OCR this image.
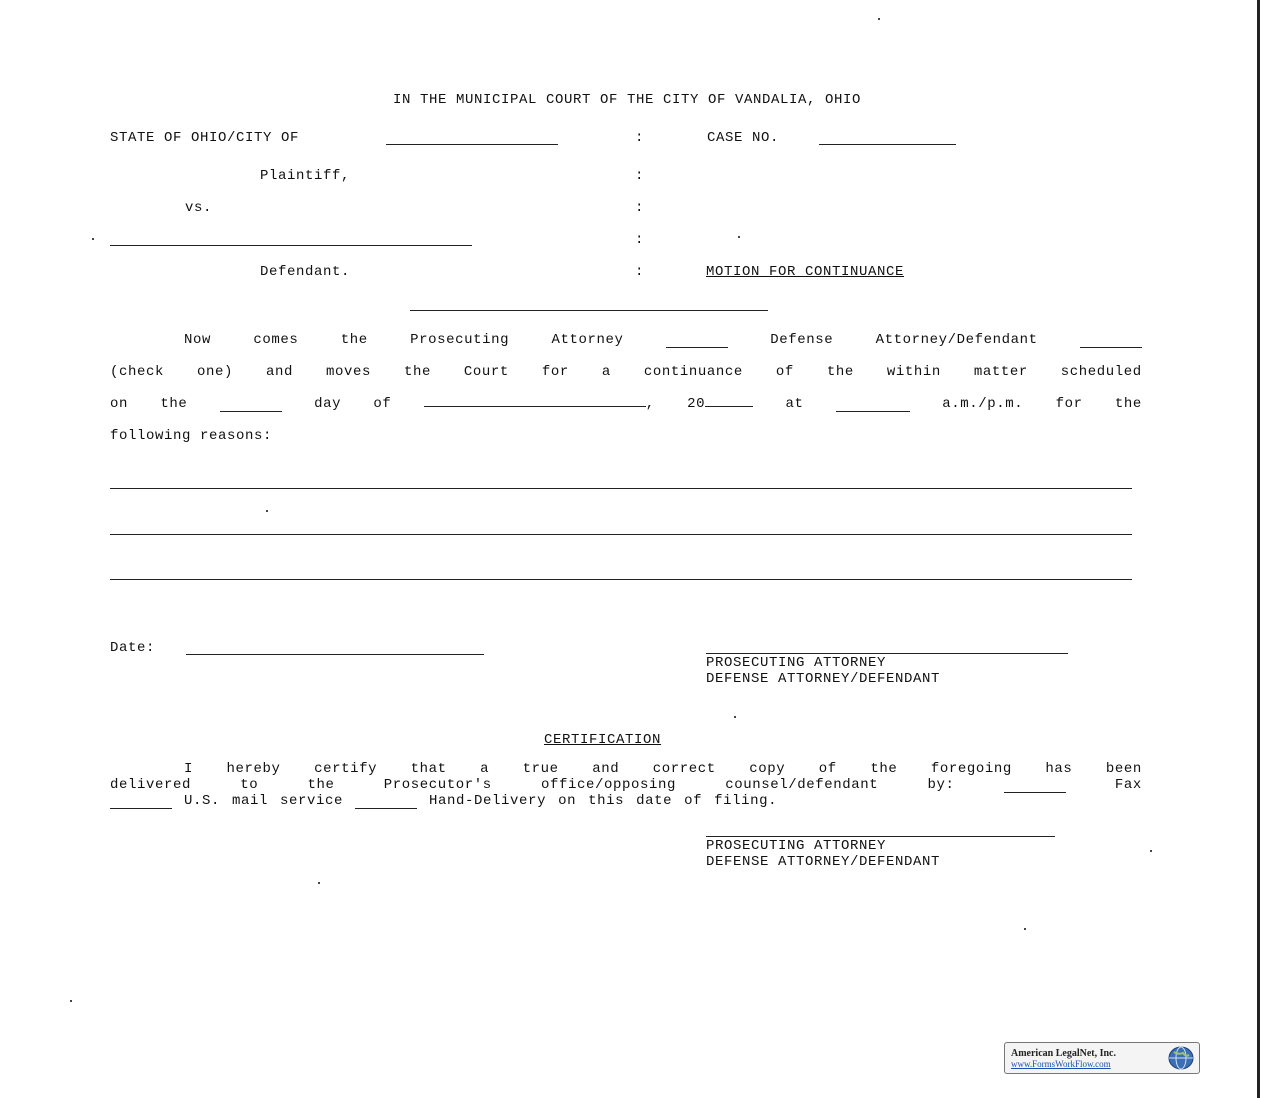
IN THE MUNICIPAL COURT OF THE CITY OF VANDALIA, OHIO
STATE OF OHIO/CITY OF	:	CASE NO.
Plaintiff,	:
vs.	:
:
Defendant.	:	MOTION FOR CONTINUANCE
Now	comes	the	Prosecuting	Attorney	Defense	Attorney/Defendant
(check one) and moves the Court for a continuance of the within matter scheduled
on the	day of	, 20	at	a.m./p.m. for the
following reasons:
Date:
PROSECUTING ATTORNEY
DEFENSE ATTORNEY/DEFENDANT
CERTIFICATION
I hereby certify that a true and correct copy of the foregoing has been
delivered	to	the	Prosecutor's	office/opposing	counsel/defendant	by:	Fax
U.S. mail service	Hand-Delivery on this date of filing.
PROSECUTING ATTORNEY
DEFENSE ATTORNEY/DEFENDANT
American LegalNet, Inc.
www.FormsWorkFlow.com
